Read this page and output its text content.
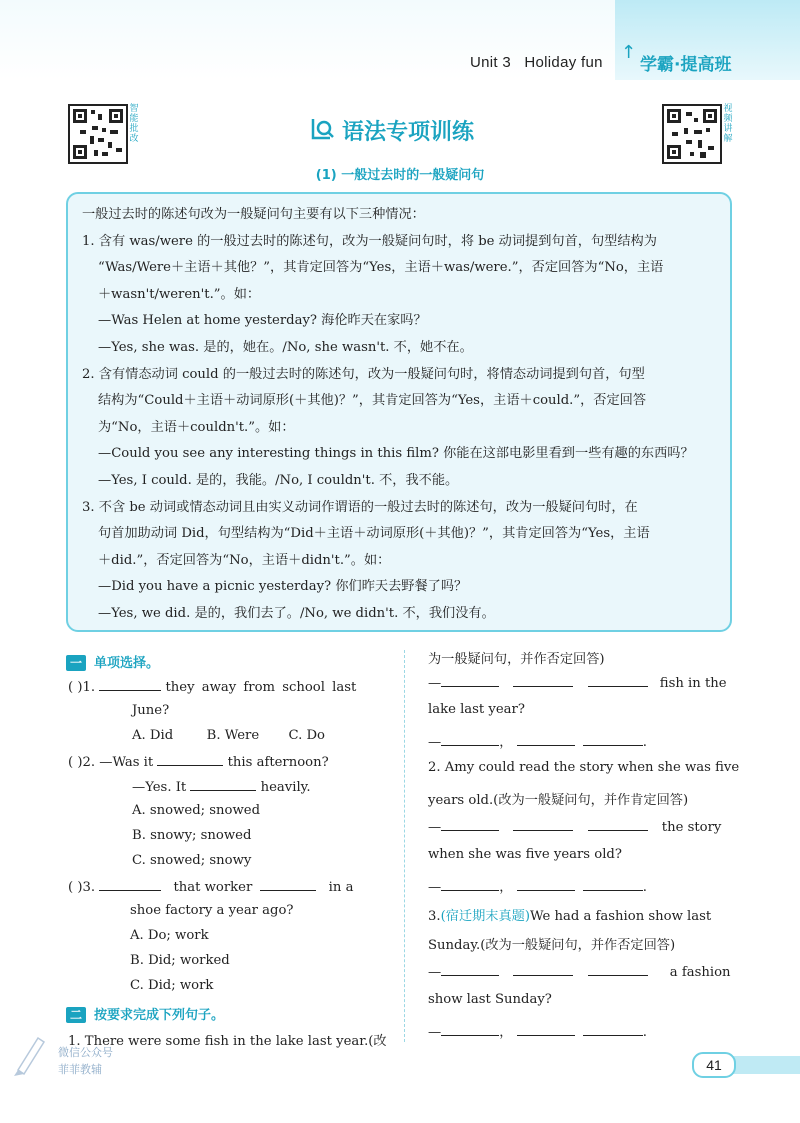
Unit 3   Holiday fun ↑
学霸·提高班
智能批改
视频讲解
语法专项训练
(1) 一般过去时的一般疑问句
一般过去时的陈述句改为一般疑问句主要有以下三种情况：
1. 含有 was/were 的一般过去时的陈述句，改为一般疑问句时，将 be 动词提到句首，句型结构为
“Was/Were＋主语＋其他？”，其肯定回答为“Yes，主语＋was/were.”，否定回答为“No，主语
＋wasn't/weren't.”。如：
—Was Helen at home yesterday? 海伦昨天在家吗？
—Yes, she was. 是的，她在。/No, she wasn't. 不，她不在。
2. 含有情态动词 could 的一般过去时的陈述句，改为一般疑问句时，将情态动词提到句首，句型
结构为“Could＋主语＋动词原形(＋其他)？”，其肯定回答为“Yes，主语＋could.”，否定回答
为“No，主语＋couldn't.”。如：
—Could you see any interesting things in this film? 你能在这部电影里看到一些有趣的东西吗？
—Yes, I could. 是的，我能。/No, I couldn't. 不，我不能。
3. 不含 be 动词或情态动词且由实义动词作谓语的一般过去时的陈述句，改为一般疑问句时，在
句首加助动词 Did，句型结构为“Did＋主语＋动词原形(＋其他)？”，其肯定回答为“Yes，主语
＋did.”，否定回答为“No，主语＋didn't.”。如：
—Did you have a picnic yesterday? 你们昨天去野餐了吗？
—Yes, we did. 是的，我们去了。/No, we didn't. 不，我们没有。
一 单项选择。
( )1.	they away from school last
June?
A. Did        B. Were       C. Do
( )2. —Was it	this afternoon?
—Yes. It	heavily.
A. snowed; snowed
B. snowy; snowed
C. snowed; snowy
( )3.	that worker	in a
shoe factory a year ago?
A. Do; work
B. Did; worked
C. Did; work
二 按要求完成下列句子。
1. There were some fish in the lake last year.(改
为一般疑问句，并作否定回答)
—	fish in the
lake last year?
—	，	.
2. Amy could read the story when she was five
years old.(改为一般疑问句，并作肯定回答)
—	the story
when she was five years old?
—	，	.
3.(宿迁期末真题)We had a fashion show last
Sunday.(改为一般疑问句，并作否定回答)
—	a fashion
show last Sunday?
—	，	.
微信公众号
菲菲教辅	41
